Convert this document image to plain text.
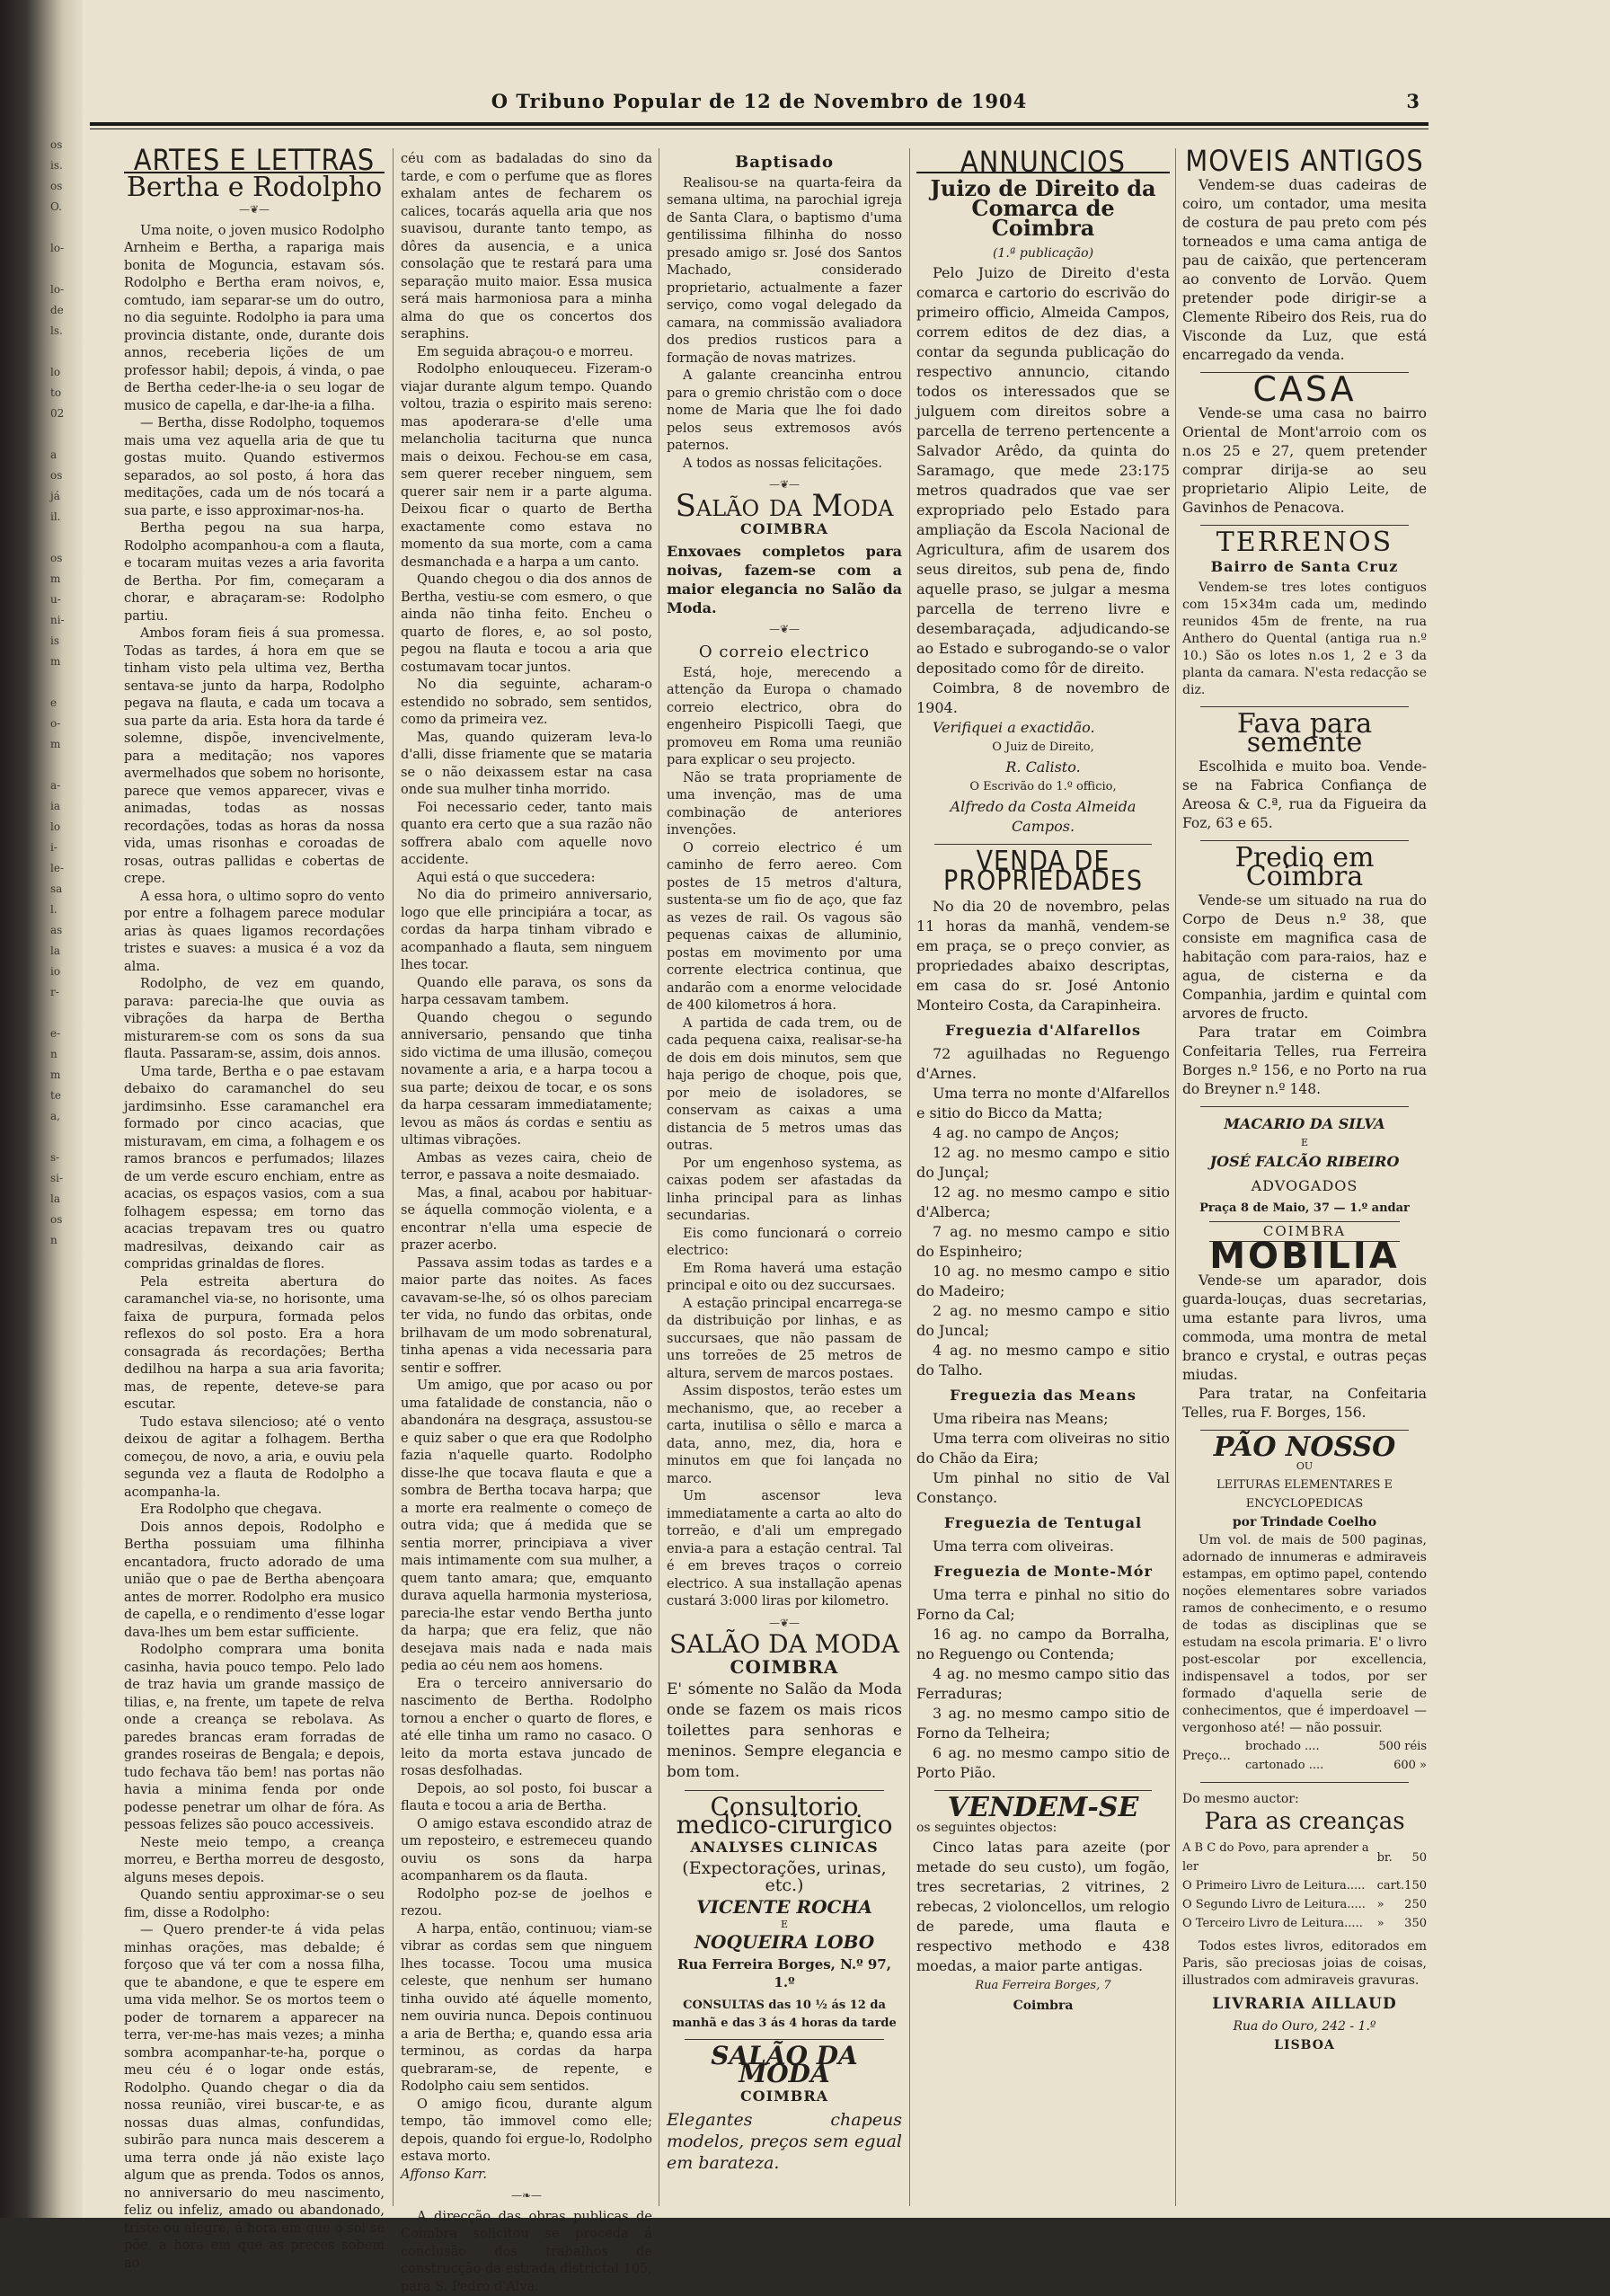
os
is.
os
O.

lo-

lo-
de
ls.

lo
to
02

a
os
já
il.

os
m
u-
ni-
is
m

e
o-
m

a-
ia
lo
i-
le-
sa
l.
as
la
io
r-

e-
n
m
te
a,

s-
si-
la
os
n
O Tribuno Popular de 12 de Novembro de 1904	3
ARTES E LETTRAS
Bertha e Rodolpho
—❦—

Uma noite, o joven musico Rodolpho Arnheim e Bertha, a rapariga mais bonita de Moguncia, estavam sós. Rodolpho e Bertha eram noivos, e, comtudo, iam separar-se um do outro, no dia seguinte. Rodolpho ia para uma provincia distante, onde, durante dois annos, receberia lições de um professor habil; depois, á vinda, o pae de Bertha ceder-lhe-ia o seu logar de musico de capella, e dar-lhe-ia a filha.

— Bertha, disse Rodolpho, toquemos mais uma vez aquella aria de que tu gostas muito. Quando estivermos separados, ao sol posto, á hora das meditações, cada um de nós tocará a sua parte, e isso approximar-nos-ha.

Bertha pegou na sua harpa, Rodolpho acompanhou-a com a flauta, e tocaram muitas vezes a aria favorita de Bertha. Por fim, começaram a chorar, e abraçaram-se: Rodolpho partiu.

Ambos foram fieis á sua promessa. Todas as tardes, á hora em que se tinham visto pela ultima vez, Bertha sentava-se junto da harpa, Rodolpho pegava na flauta, e cada um tocava a sua parte da aria. Esta hora da tarde é solemne, dispõe, invencivelmente, para a meditação; nos vapores avermelhados que sobem no horisonte, parece que vemos apparecer, vivas e animadas, todas as nossas recordações, todas as horas da nossa vida, umas risonhas e coroadas de rosas, outras pallidas e cobertas de crepe.

A essa hora, o ultimo sopro do vento por entre a folhagem parece modular arias às quaes ligamos recordações tristes e suaves: a musica é a voz da alma.

Rodolpho, de vez em quando, parava: parecia-lhe que ouvia as vibrações da harpa de Bertha misturarem-se com os sons da sua flauta. Passaram-se, assim, dois annos.

Uma tarde, Bertha e o pae estavam debaixo do caramanchel do seu jardimsinho. Esse caramanchel era formado por cinco acacias, que misturavam, em cima, a folhagem e os ramos brancos e perfumados; lilazes de um verde escuro enchiam, entre as acacias, os espaços vasios, com a sua folhagem espessa; em torno das acacias trepavam tres ou quatro madresilvas, deixando cair as compridas grinaldas de flores.

Pela estreita abertura do caramanchel via-se, no horisonte, uma faixa de purpura, formada pelos reflexos do sol posto. Era a hora consagrada ás recordações; Bertha dedilhou na harpa a sua aria favorita; mas, de repente, deteve-se para escutar.

Tudo estava silencioso; até o vento deixou de agitar a folhagem. Bertha começou, de novo, a aria, e ouviu pela segunda vez a flauta de Rodolpho a acompanha-la.

Era Rodolpho que chegava.

Dois annos depois, Rodolpho e Bertha possuiam uma filhinha encantadora, fructo adorado de uma união que o pae de Bertha abençoara antes de morrer. Rodolpho era musico de capella, e o rendimento d'esse logar dava-lhes um bem estar sufficiente.

Rodolpho comprara uma bonita casinha, havia pouco tempo. Pelo lado de traz havia um grande massiço de tilias, e, na frente, um tapete de relva onde a creança se rebolava. As paredes brancas eram forradas de grandes roseiras de Bengala; e depois, tudo fechava tão bem! nas portas não havia a minima fenda por onde podesse penetrar um olhar de fóra. As pessoas felizes são pouco accessiveis.

Neste meio tempo, a creança morreu, e Bertha morreu de desgosto, alguns meses depois.

Quando sentiu approximar-se o seu fim, disse a Rodolpho:

— Quero prender-te á vida pelas minhas orações, mas debalde; é forçoso que vá ter com a nossa filha, que te abandone, e que te espere em uma vida melhor. Se os mortos teem o poder de tornarem a apparecer na terra, ver-me-has mais vezes; a minha sombra acompanhar-te-ha, porque o meu céu é o logar onde estás, Rodolpho. Quando chegar o dia da nossa reunião, virei buscar-te, e as nossas duas almas, confundidas, subirão para nunca mais descerem a uma terra onde já não existe laço algum que as prenda. Todos os annos, no anniversario do meu nascimento, feliz ou infeliz, amado ou abandonado, triste ou alegre, á hora em que o sol se põe, a hora em que as preces sobem ao

céu com as badaladas do sino da tarde, e com o perfume que as flores exhalam antes de fecharem os calices, tocarás aquella aria que nos suavisou, durante tanto tempo, as dôres da ausencia, e a unica consolação que te restará para uma separação muito maior. Essa musica será mais harmoniosa para a minha alma do que os concertos dos seraphins.

Em seguida abraçou-o e morreu.

Rodolpho enlouqueceu. Fizeram-o viajar durante algum tempo. Quando voltou, trazia o espirito mais sereno: mas apoderara-se d'elle uma melancholia taciturna que nunca mais o deixou. Fechou-se em casa, sem querer receber ninguem, sem querer sair nem ir a parte alguma. Deixou ficar o quarto de Bertha exactamente como estava no momento da sua morte, com a cama desmanchada e a harpa a um canto.

Quando chegou o dia dos annos de Bertha, vestiu-se com esmero, o que ainda não tinha feito. Encheu o quarto de flores, e, ao sol posto, pegou na flauta e tocou a aria que costumavam tocar juntos.

No dia seguinte, acharam-o estendido no sobrado, sem sentidos, como da primeira vez.

Mas, quando quizeram leva-lo d'alli, disse friamente que se mataria se o não deixassem estar na casa onde sua mulher tinha morrido.

Foi necessario ceder, tanto mais quanto era certo que a sua razão não soffrera abalo com aquelle novo accidente.

Aqui está o que succedera:

No dia do primeiro anniversario, logo que elle principiára a tocar, as cordas da harpa tinham vibrado e acompanhado a flauta, sem ninguem lhes tocar.

Quando elle parava, os sons da harpa cessavam tambem.

Quando chegou o segundo anniversario, pensando que tinha sido victima de uma illusão, começou novamente a aria, e a harpa tocou a sua parte; deixou de tocar, e os sons da harpa cessaram immediatamente; levou as mãos ás cordas e sentiu as ultimas vibrações.

Ambas as vezes caira, cheio de terror, e passava a noite desmaiado.

Mas, a final, acabou por habituar-se áquella commoção violenta, e a encontrar n'ella uma especie de prazer acerbo.

Passava assim todas as tardes e a maior parte das noites. As faces cavavam-se-lhe, só os olhos pareciam ter vida, no fundo das orbitas, onde brilhavam de um modo sobrenatural, tinha apenas a vida necessaria para sentir e soffrer.

Um amigo, que por acaso ou por uma fatalidade de constancia, não o abandonára na desgraça, assustou-se e quiz saber o que era que Rodolpho fazia n'aquelle quarto. Rodolpho disse-lhe que tocava flauta e que a sombra de Bertha tocava harpa; que a morte era realmente o começo de outra vida; que á medida que se sentia morrer, principiava a viver mais intimamente com sua mulher, a quem tanto amara; que, emquanto durava aquella harmonia mysteriosa, parecia-lhe estar vendo Bertha junto da harpa; que era feliz, que não desejava mais nada e nada mais pedia ao céu nem aos homens.

Era o terceiro anniversario do nascimento de Bertha. Rodolpho tornou a encher o quarto de flores, e até elle tinha um ramo no casaco. O leito da morta estava juncado de rosas desfolhadas.

Depois, ao sol posto, foi buscar a flauta e tocou a aria de Bertha.

O amigo estava escondido atraz de um reposteiro, e estremeceu quando ouviu os sons da harpa acompanharem os da flauta.

Rodolpho poz-se de joelhos e rezou.

A harpa, então, continuou; viam-se vibrar as cordas sem que ninguem lhes tocasse. Tocou uma musica celeste, que nenhum ser humano tinha ouvido até áquelle momento, nem ouviria nunca. Depois continuou a aria de Bertha; e, quando essa aria terminou, as cordas da harpa quebraram-se, de repente, e Rodolpho caiu sem sentidos.

O amigo ficou, durante algum tempo, tão immovel como elle; depois, quando foi ergue-lo, Rodolpho estava morto.

Affonso Karr.

—❧—

A direcção das obras publicas de Coimbra solicitou se proceda á conclusão dos trabalhos de construcção da estrada districtal 105, para S. Pedro d'Alva.

Baptisado

Realisou-se na quarta-feira da semana ultima, na parochial igreja de Santa Clara, o baptismo d'uma gentilissima filhinha do nosso presado amigo sr. José dos Santos Machado, considerado proprietario, actualmente a fazer serviço, como vogal delegado da camara, na commissão avaliadora dos predios rusticos para a formação de novas matrizes.

A galante creancinha entrou para o gremio christão com o doce nome de Maria que lhe foi dado pelos seus extremosos avós paternos.

A todos as nossas felicitações.

—❦—
Salão da Moda
COIMBRA

Enxovaes completos para noivas, fazem-se com a maior elegancia no Salão da Moda.

—❦—
O correio electrico

Está, hoje, merecendo a attenção da Europa o chamado correio electrico, obra do engenheiro Pispicolli Taegi, que promoveu em Roma uma reunião para explicar o seu projecto.

Não se trata propriamente de uma invenção, mas de uma combinação de anteriores invenções.

O correio electrico é um caminho de ferro aereo. Com postes de 15 metros d'altura, sustenta-se um fio de aço, que faz as vezes de rail. Os vagous são pequenas caixas de alluminio, postas em movimento por uma corrente electrica continua, que andarão com a enorme velocidade de 400 kilometros á hora.

A partida de cada trem, ou de cada pequena caixa, realisar-se-ha de dois em dois minutos, sem que haja perigo de choque, pois que, por meio de isoladores, se conservam as caixas a uma distancia de 5 metros umas das outras.

Por um engenhoso systema, as caixas podem ser afastadas da linha principal para as linhas secundarias.

Eis como funcionará o correio electrico:

Em Roma haverá uma estação principal e oito ou dez succursaes.

A estação principal encarrega-se da distribuição por linhas, e as succursaes, que não passam de uns torreões de 25 metros de altura, servem de marcos postaes.

Assim dispostos, terão estes um mechanismo, que, ao receber a carta, inutilisa o sêllo e marca a data, anno, mez, dia, hora e minutos em que foi lançada no marco.

Um ascensor leva immediatamente a carta ao alto do torreão, e d'ali um empregado envia-a para a estação central. Tal é em breves traços o correio electrico. A sua installação apenas custará 3:000 liras por kilometro.

—❦—
SALÃO DA MODA
COIMBRA

E' sómente no Salão da Moda onde se fazem os mais ricos toilettes para senhoras e meninos. Sempre elegancia e bom tom.

Consultorio medico-cirurgico
ANALYSES CLINICAS
(Expectorações, urinas, etc.)
VICENTE ROCHA
E
NOQUEIRA LOBO
Rua Ferreira Borges, N.º 97, 1.º
CONSULTAS das 10 ½ ás 12 da manhã e das 3 ás 4 horas da tarde
SALÃO DA MODA
COIMBRA

Elegantes chapeus modelos, preços sem egual em barateza.

ANNUNCIOS
Juizo de Direito da Comarca de Coimbra
(1.ª publicação)

Pelo Juizo de Direito d'esta comarca e cartorio do escrivão do primeiro officio, Almeida Campos, correm editos de dez dias, a contar da segunda publicação do respectivo annuncio, citando todos os interessados que se julguem com direitos sobre a parcella de terreno pertencente a Salvador Arêdo, da quinta do Saramago, que mede 23:175 metros quadrados que vae ser expropriado pelo Estado para ampliação da Escola Nacional de Agricultura, afim de usarem dos seus direitos, sub pena de, findo aquelle praso, se julgar a mesma parcella de terreno livre e desembaraçada, adjudicando-se ao Estado e subrogando-se o valor depositado como fôr de direito.

Coimbra, 8 de novembro de 1904.

Verifiquei a exactidão.

O Juiz de Direito,
R. Calisto.
O Escrivão do 1.º officio,
Alfredo da Costa Almeida Campos.
VENDA DE PROPRIEDADES

No dia 20 de novembro, pelas 11 horas da manhã, vendem-se em praça, se o preço convier, as propriedades abaixo descriptas, em casa do sr. José Antonio Monteiro Costa, da Carapinheira.

Freguezia d'Alfarellos

72 aguilhadas no Reguengo d'Arnes.

Uma terra no monte d'Alfarellos e sitio do Bicco da Matta;

4 ag. no campo de Anços;

12 ag. no mesmo campo e sitio do Junçal;

12 ag. no mesmo campo e sitio d'Alberca;

7 ag. no mesmo campo e sitio do Espinheiro;

10 ag. no mesmo campo e sitio do Madeiro;

2 ag. no mesmo campo e sitio do Juncal;

4 ag. no mesmo campo e sitio do Talho.

Freguezia das Means

Uma ribeira nas Means;

Uma terra com oliveiras no sitio do Chão da Eira;

Um pinhal no sitio de Val Constanço.

Freguezia de Tentugal

Uma terra com oliveiras.

Freguezia de Monte-Mór

Uma terra e pinhal no sitio do Forno da Cal;

16 ag. no campo da Borralha, no Reguengo ou Contenda;

4 ag. no mesmo campo sitio das Ferraduras;

3 ag. no mesmo campo sitio de Forno da Telheira;

6 ag. no mesmo campo sitio de Porto Pião.

VENDEM-SE

os seguintes objectos:

Cinco latas para azeite (por metade do seu custo), um fogão, tres secretarias, 2 vitrines, 2 rebecas, 2 violoncellos, um relogio de parede, uma flauta e respectivo methodo e 438 moedas, a maior parte antigas.

Rua Ferreira Borges, 7
Coimbra
MOVEIS ANTIGOS

Vendem-se duas cadeiras de coiro, um contador, uma mesita de costura de pau preto com pés torneados e uma cama antiga de pau de caixão, que pertenceram ao convento de Lorvão. Quem pretender pode dirigir-se a Clemente Ribeiro dos Reis, rua do Visconde da Luz, que está encarregado da venda.

CASA

Vende-se uma casa no bairro Oriental de Mont'arroio com os n.os 25 e 27, quem pretender comprar dirija-se ao seu proprietario Alipio Leite, de Gavinhos de Penacova.

TERRENOS
Bairro de Santa Cruz

Vendem-se tres lotes contiguos com 15×34m cada um, medindo reunidos 45m de frente, na rua Anthero do Quental (antiga rua n.º 10.) São os lotes n.os 1, 2 e 3 da planta da camara. N'esta redacção se diz.

Fava para semente

Escolhida e muito boa. Vende-se na Fabrica Confiança de Areosa & C.ª, rua da Figueira da Foz, 63 e 65.

Predio em Coimbra

Vende-se um situado na rua do Corpo de Deus n.º 38, que consiste em magnifica casa de habitação com para-raios, haz e agua, de cisterna e da Companhia, jardim e quintal com arvores de fructo.

Para tratar em Coimbra Confeitaria Telles, rua Ferreira Borges n.º 156, e no Porto na rua do Breyner n.º 148.

MACARIO DA SILVA
E
JOSÉ FALCÃO RIBEIRO
ADVOGADOS
Praça 8 de Maio, 37 — 1.º andar
COIMBRA
MOBILIA

Vende-se um aparador, dois guarda-louças, duas secretarias, uma estante para livros, uma commoda, uma montra de metal branco e crystal, e outras peças miudas.

Para tratar, na Confeitaria Telles, rua F. Borges, 156.

PÃO NOSSO
OU
LEITURAS ELEMENTARES E ENCYCLOPEDICAS
por Trindade Coelho

Um vol. de mais de 500 paginas, adornado de innumeras e admiraveis estampas, em optimo papel, contendo noções elementares sobre variados ramos de conhecimento, e o resumo de todas as disciplinas que se estudam na escola primaria. E' o livro post-escolar por excellencia, indispensavel a todos, por ser formado d'aquella serie de conhecimentos, que é imperdoavel — vergonhoso até! — não possuir.

Preço...	brochado ....	500 réis
	cartonado ....	600 »
Do mesmo auctor:
Para as creanças
A B C do Povo, para aprender a ler	br.	50
O Primeiro Livro de Leitura.....	cart.	150
O Segundo Livro de Leitura.....	»	250
O Terceiro Livro de Leitura.....	»	350

Todos estes livros, editorados em Paris, são preciosas joias de coisas, illustrados com admiraveis gravuras.

LIVRARIA AILLAUD
Rua do Ouro, 242 - 1.º
LISBOA
